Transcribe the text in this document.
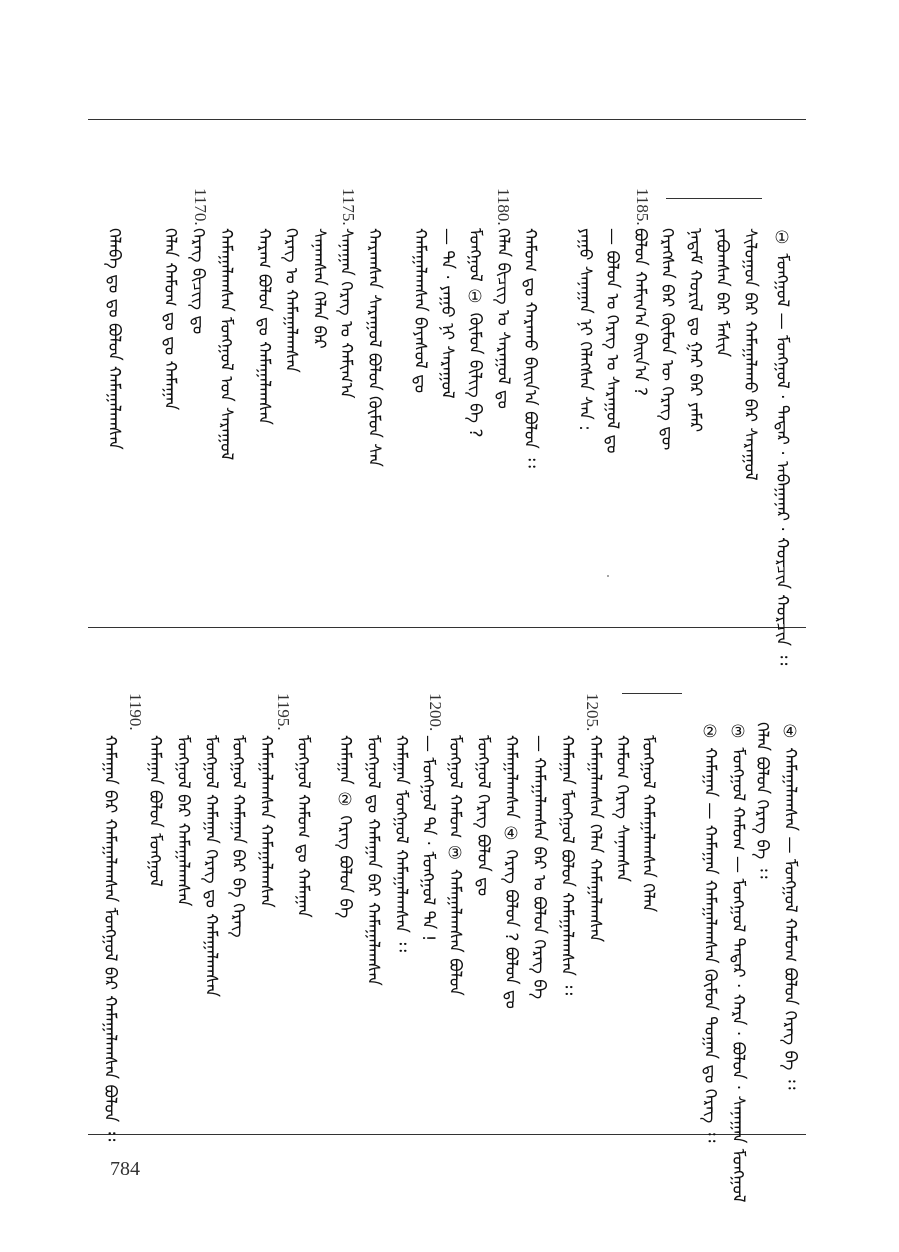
① ᠮᠣᠩᠭᠣᠯ — ᠮᠣᠩᠭᠣᠯ · ᠲᠠᠲᠠᠷ · ᠠᠪᠠᠭᠠᠨᠠᠷ · ᠬᠣᠷᠴᠢᠨ ᠬᠣᠷᠴᠢᠨ ᠄᠄
1185.
1180.
1175.
1170.
ᠰᠢᠯᠤᠭᠤᠨ ᠪᠠᠷ ᠬᠠᠮᠠᠭᠠᠯᠠᠬᠤ ᠪᠠᠷ ᠰᠠᠷᠠᠭᠤᠯ
ᠶᠠᠪᠤᠭᠰᠠᠨ ᠪᠠᠷ ᠮᠠᠰᠢᠨ
ᠨᠠᠳᠠᠮ ᠬᠤᠷᠢᠯ ᠳᠤ ᠭᠠᠷ ᠪᠡᠷ ᠶᠠᠮᠠᠷ
ᠬᠡᠷᠡᠭᠰᠡᠨ ᠪᠠᠷ ᠬᠦᠮᠦᠨ ᠦ ᠬᠡᠷᠡᠭ ᠳᠦ
ᠪᠣᠯᠤᠨ ᠬᠠᠮᠢᠭ᠎ᠠ ᠪᠠᠢᠨ᠎ᠠ ?
— ᠪᠣᠯᠤᠨ ᠤ ᠬᠡᠷᠡᠭ ᠤ ᠰᠠᠷᠠᠭᠤᠯ ᠳᠤ
ᠶᠠᠭᠤ ᠰᠠᠨᠠᠭᠠᠨ ᠨᠢ ᠬᠡᠯᠡᠭᠰᠡᠨ ᠰᠠᠨ :
ᠬᠠᠮᠤᠭ ᠳᠤ ᠬᠠᠷᠠᠬᠤ ᠪᠠᠢᠨ᠎ᠠ ᠪᠣᠯᠤᠨ ᠄᠄
ᠬᠡᠯᠡᠨ ᠪᠢᠴᠢᠭ ᠤ ᠰᠠᠷᠠᠭᠤᠯ ᠳᠤ
ᠮᠣᠩᠭᠣᠯ ① ᠬᠦᠮᠦᠨ ᠪᠢᠯᠢᠭ ᠪᠡ ?
— ᠲᠠ · ᠶᠠᠭᠤ ᠨᠢ ᠰᠠᠷᠠᠭᠤᠯ
ᠬᠠᠮᠠᠭᠠᠯᠠᠭᠰᠠᠨ ᠪᠠᠶᠠᠰᠤᠯ ᠳᠤ
ᠬᠠᠷᠠᠭᠰᠠᠨ ᠰᠠᠷᠠᠭᠤᠯ ᠪᠣᠯᠤᠨ ᠬᠦᠮᠦᠨ ᠰᠠᠨ
ᠰᠠᠨᠠᠭᠠᠨ ᠬᠡᠷᠡᠭ ᠤ ᠬᠠᠮᠢᠭ᠎ᠠ
ᠰᠠᠨᠠᠭᠰᠠᠨ ᠬᠡᠯᠡᠨ ᠪᠠᠷ
ᠬᠡᠷᠡᠭ ᠤ ᠬᠠᠮᠠᠭᠠᠯᠠᠭᠰᠠᠨ
ᠬᠠᠷᠠᠭ ᠪᠣᠯᠤᠨ ᠳᠤ ᠬᠠᠮᠠᠭᠠᠯᠠᠭᠰᠠᠨ
ᠬᠠᠮᠠᠭᠠᠯᠠᠭᠰᠠᠨ ᠮᠣᠩᠭᠣᠯ ᠤᠨ ᠰᠠᠷᠠᠭᠤᠯ
ᠬᠡᠷᠡᠭ ᠪᠢᠴᠢᠭ ᠳᠤ
ᠬᠡᠯᠡᠨ ᠬᠠᠮᠤᠭ ᠳᠤ ᠳᠤ ᠬᠠᠮᠠᠭᠠᠨ
ᠬᠡᠯᠡᠪᠡ ᠳᠤ ᠳᠤ ᠪᠣᠯᠤᠨ ᠬᠠᠮᠠᠭᠠᠯᠠᠭᠰᠠᠨ
④ ᠬᠠᠮᠠᠭᠠᠯᠠᠭᠰᠠᠨ — ᠮᠣᠩᠭᠣᠯ ᠬᠠᠮᠤᠭ ᠪᠣᠯᠤᠨ ᠬᠡᠷᠡᠭ ᠪᠡ ᠄᠄
ᠬᠡᠯᠡᠨ ᠪᠣᠯᠤᠨ ᠬᠡᠷᠡᠭ ᠪᠡ ᠄᠄
③ ᠮᠣᠩᠭᠣᠯ ᠬᠠᠮᠤᠭ — ᠮᠣᠩᠭᠣᠯ ᠲᠠᠲᠠᠷ · ᠬᠠᠷᠠ · ᠪᠣᠯᠤᠨ · ᠰᠠᠨᠠᠭᠠᠨ ᠮᠣᠩᠭᠣᠯ
② ᠬᠠᠮᠠᠭᠠᠨ — ᠬᠠᠮᠠᠭᠠᠨ ᠬᠠᠮᠠᠭᠠᠯᠠᠭᠰᠠᠨ ᠬᠦᠮᠦᠨ ᠲᠣᠭᠠᠨ ᠳᠤ ᠬᠡᠷᠡᠭ ᠄᠄
1205.
1200.
1195.
1190.
ᠮᠣᠩᠭᠣᠯ ᠬᠠᠮᠠᠭᠠᠯᠠᠭᠰᠠᠨ ᠬᠡᠯᠡᠨ
ᠬᠠᠮᠤᠭ ᠬᠡᠷᠡᠭ ᠰᠠᠨᠠᠭᠰᠠᠨ
ᠬᠠᠮᠠᠭᠠᠯᠠᠭᠰᠠᠨ ᠬᠡᠯᠡᠨ ᠬᠠᠮᠠᠭᠠᠯᠠᠭᠰᠠᠨ
ᠬᠠᠮᠠᠭᠠᠨ ᠮᠣᠩᠭᠣᠯ ᠪᠣᠯᠤᠨ ᠬᠠᠮᠠᠭᠠᠯᠠᠭᠰᠠᠨ ᠄᠄
— ᠬᠠᠮᠠᠭᠠᠯᠠᠭᠰᠠᠨ ᠪᠠᠷ ᠤ ᠪᠣᠯᠤᠨ ᠬᠡᠷᠡᠭ ᠪᠡ
ᠬᠠᠮᠠᠭᠠᠯᠠᠭᠰᠠᠨ ④ ᠬᠡᠷᠡᠭ ᠪᠣᠯᠤᠨ ? ᠪᠣᠯᠤᠨ ᠳᠤ
ᠮᠣᠩᠭᠣᠯ ᠬᠡᠷᠡᠭ ᠪᠣᠯᠤᠨ ᠳᠤ
ᠮᠣᠩᠭᠣᠯ ᠬᠠᠮᠤᠭ ③ ᠬᠠᠮᠠᠭᠠᠯᠠᠭᠰᠠᠨ ᠪᠣᠯᠤᠨ
— ᠮᠣᠩᠭᠣᠯ ᠲᠠ · ᠮᠣᠩᠭᠣᠯ ᠲᠠ !
ᠬᠠᠮᠠᠭᠠᠨ ᠮᠣᠩᠭᠣᠯ ᠬᠠᠮᠠᠭᠠᠯᠠᠭᠰᠠᠨ ᠄᠄
ᠮᠣᠩᠭᠣᠯ ᠳᠤ ᠬᠠᠮᠠᠭᠠᠨ ᠪᠠᠷ ᠬᠠᠮᠠᠭᠠᠯᠠᠭᠰᠠᠨ
ᠬᠠᠮᠠᠭᠠᠨ ② ᠬᠡᠷᠡᠭ ᠪᠣᠯᠤᠨ ᠪᠡ
ᠮᠣᠩᠭᠣᠯ ᠬᠠᠮᠤᠭ ᠳᠤ ᠬᠠᠮᠠᠭᠠᠨ
ᠬᠠᠮᠠᠭᠠᠯᠠᠭᠰᠠᠨ ᠬᠠᠮᠠᠭᠠᠯᠠᠭᠰᠠᠨ
ᠮᠣᠩᠭᠣᠯ ᠬᠠᠮᠠᠭᠠᠨ ᠪᠠᠷ ᠪᠡ ᠬᠡᠷᠡᠭ
ᠮᠣᠩᠭᠣᠯ ᠬᠠᠮᠠᠭᠠᠨ ᠬᠡᠷᠡᠭ ᠳᠤ ᠬᠠᠮᠠᠭᠠᠯᠠᠭᠰᠠᠨ
ᠮᠣᠩᠭᠣᠯ ᠪᠠᠷ ᠬᠠᠮᠠᠭᠠᠯᠠᠭᠰᠠᠨ
ᠬᠠᠮᠠᠭᠠᠨ ᠪᠣᠯᠤᠨ ᠮᠣᠩᠭᠣᠯ
ᠬᠠᠮᠠᠭᠠᠨ ᠪᠠᠷ ᠬᠠᠮᠠᠭᠠᠯᠠᠭᠰᠠᠨ ᠮᠣᠩᠭᠣᠯ ᠪᠠᠷ ᠬᠠᠮᠠᠭᠠᠯᠠᠭᠰᠠᠨ ᠪᠣᠯᠤᠨ ᠄᠄
784
